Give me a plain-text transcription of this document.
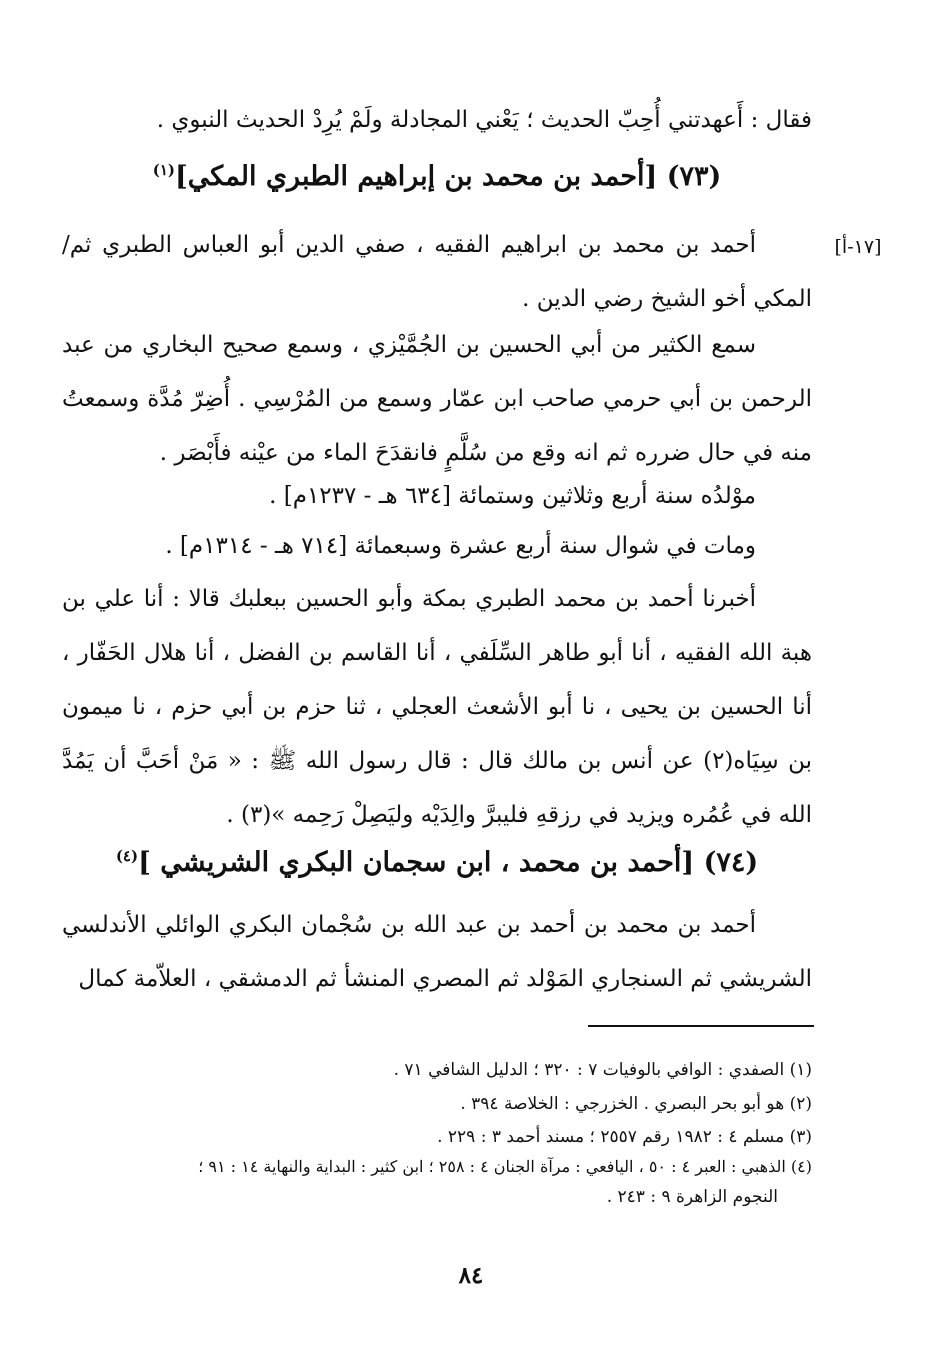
فقال : أَعهدتني أُحِبّ الحديث ؛ يَعْني المجادلة ولَمْ يُرِدْ الحديث النبوي .
(٧٣) [أحمد بن محمد بن إبراهيم الطبري المكي]$^{(١)}$
[١٧-أ]
أحمد بن محمد بن ابراهيم الفقيه ، صفي الدين أبو العباس الطبري ثم/ المكي أخو الشيخ رضي الدين .
سمع الكثير من أبي الحسين بن الجُمَّيْزي ، وسمع صحيح البخاري من عبد الرحمن بن أبي حرمي صاحب ابن عمّار وسمع من المُرْسِي . أُضِرّ مُدَّة وسمعتُ منه في حال ضرره ثم انه وقع من سُلَّمٍ فانقدَحَ الماء من عيْنه فأَبْصَر .
موْلدُه سنة أربع وثلاثين وستمائة [٦٣٤ هـ - ١٢٣٧م] .
ومات في شوال سنة أربع عشرة وسبعمائة [٧١٤ هـ - ١٣١٤م] .
أخبرنا أحمد بن محمد الطبري بمكة وأبو الحسين ببعلبك قالا : أنا علي بن هبة الله الفقيه ، أنا أبو طاهر السِّلَفي ، أنا القاسم بن الفضل ، أنا هلال الحَفّار ، أنا الحسين بن يحيى ، نا أبو الأشعث العجلي ، ثنا حزم بن أبي حزم ، نا ميمون بن سِيَاه(٢) عن أنس بن مالك قال : قال رسول الله ﷺ : « مَنْ أحَبَّ أن يَمُدَّ الله في عُمُره ويزيد في رزقهِ فليبرَّ والِدَيْه وليَصِلْ رَحِمه »(٣) .
(٧٤) [أحمد بن محمد ، ابن سجمان البكري الشريشي ]$^{(٤)}$
أحمد بن محمد بن أحمد بن عبد الله بن سُجْمان البكري الوائلي الأندلسي الشريشي ثم السنجاري المَوْلد ثم المصري المنشأ ثم الدمشقي ، العلاّمة كمال
(١) الصفدي : الوافي بالوفيات ٧ : ٣٢٠ ؛ الدليل الشافي ٧١ .
(٢) هو أبو بحر البصري . الخزرجي : الخلاصة ٣٩٤ .
(٣) مسلم ٤ : ١٩٨٢ رقم ٢٥٥٧ ؛ مسند أحمد ٣ : ٢٢٩ .
(٤) الذهبي : العبر ٤ : ٥٠ ، اليافعي : مرآة الجنان ٤ : ٢٥٨ ؛ ابن كثير : البداية والنهاية ١٤ : ٩١ ؛
النجوم الزاهرة ٩ : ٢٤٣ .
٨٤
